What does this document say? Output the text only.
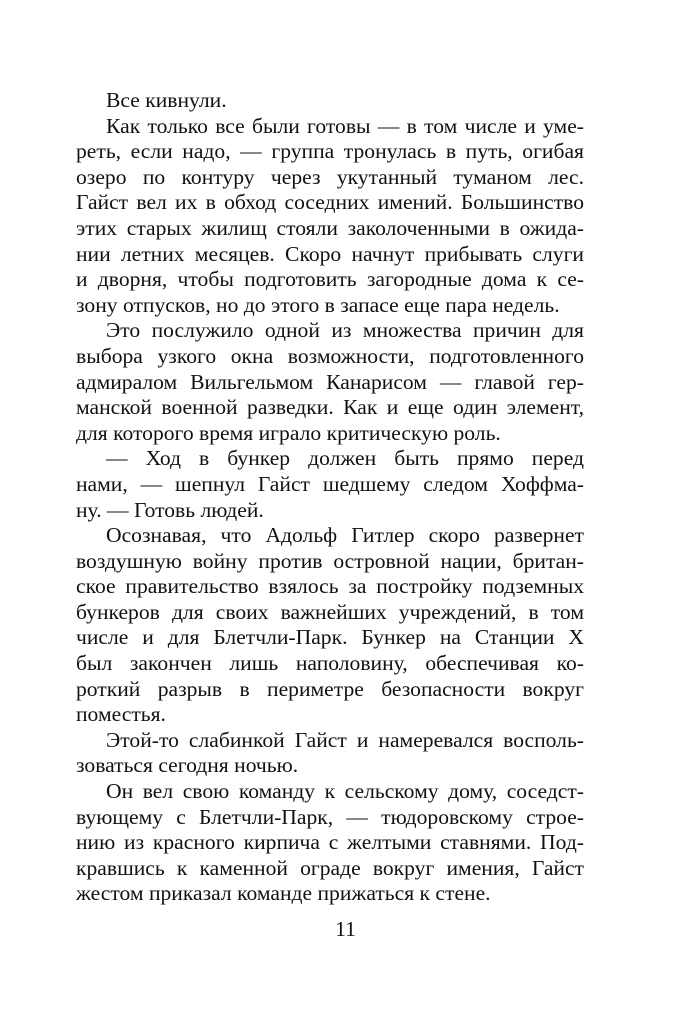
Все кивнули.
Как только все были готовы — в том числе и уме-
реть, если надо, — группа тронулась в путь, огибая
озеро по контуру через укутанный туманом лес.
Гайст вел их в обход соседних имений. Большинство
этих старых жилищ стояли заколоченными в ожида-
нии летних месяцев. Скоро начнут прибывать слуги
и дворня, чтобы подготовить загородные дома к се-
зону отпусков, но до этого в запасе еще пара недель.
Это послужило одной из множества причин для
выбора узкого окна возможности, подготовленного
адмиралом Вильгельмом Канарисом — главой гер-
манской военной разведки. Как и еще один элемент,
для которого время играло критическую роль.
— Ход в бункер должен быть прямо перед
нами, — шепнул Гайст шедшему следом Хоффма-
ну. — Готовь людей.
Осознавая, что Адольф Гитлер скоро развернет
воздушную войну против островной нации, британ-
ское правительство взялось за постройку подземных
бункеров для своих важнейших учреждений, в том
числе и для Блетчли-Парк. Бункер на Станции X
был закончен лишь наполовину, обеспечивая ко-
роткий разрыв в периметре безопасности вокруг
поместья.
Этой-то слабинкой Гайст и намеревался восполь-
зоваться сегодня ночью.
Он вел свою команду к сельскому дому, соседст-
вующему с Блетчли-Парк, — тюдоровскому строе-
нию из красного кирпича с желтыми ставнями. Под-
кравшись к каменной ограде вокруг имения, Гайст
жестом приказал команде прижаться к стене.
11
